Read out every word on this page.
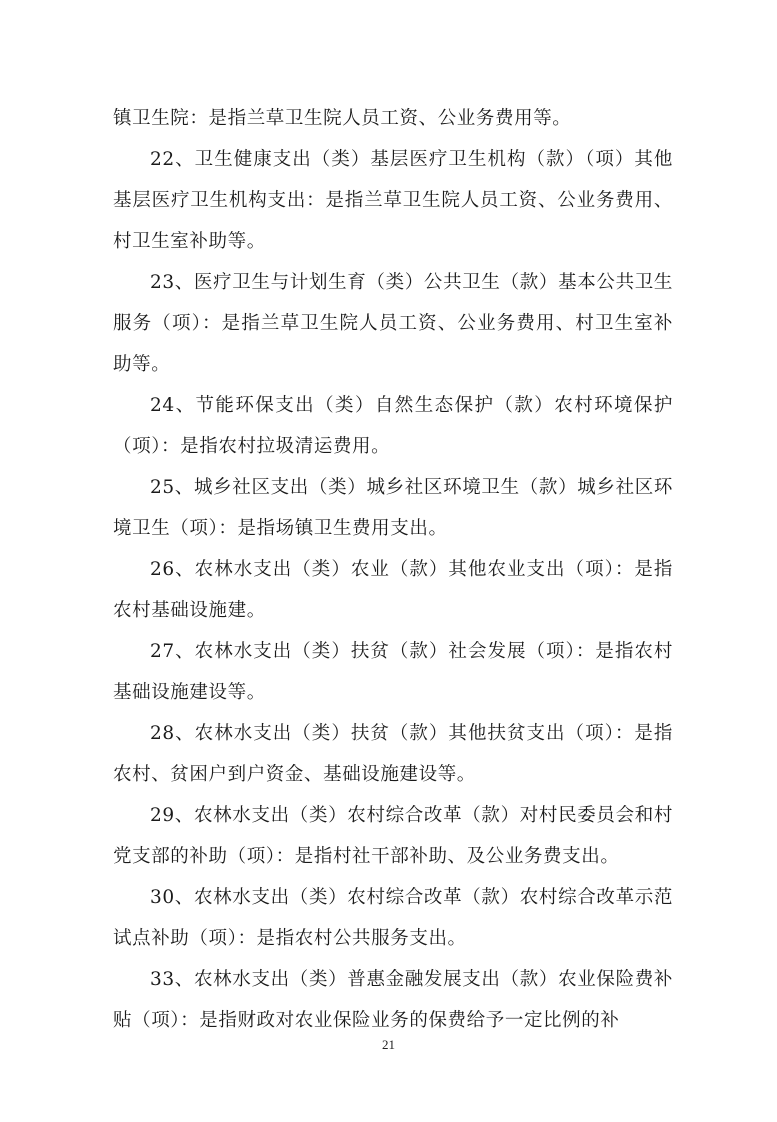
镇卫生院：是指兰草卫生院人员工资、公业务费用等。

22、卫生健康支出（类）基层医疗卫生机构（款）（项）其他基层医疗卫生机构支出：是指兰草卫生院人员工资、公业务费用、村卫生室补助等。

23、医疗卫生与计划生育（类）公共卫生（款）基本公共卫生服务（项）：是指兰草卫生院人员工资、公业务费用、村卫生室补助等。

24、节能环保支出（类）自然生态保护（款）农村环境保护（项）：是指农村拉圾清运费用。

25、城乡社区支出（类）城乡社区环境卫生（款）城乡社区环境卫生（项）：是指场镇卫生费用支出。

26、农林水支出（类）农业（款）其他农业支出（项）：是指农村基础设施建。

27、农林水支出（类）扶贫（款）社会发展（项）：是指农村基础设施建设等。

28、农林水支出（类）扶贫（款）其他扶贫支出（项）：是指农村、贫困户到户资金、基础设施建设等。

29、农林水支出（类）农村综合改革（款）对村民委员会和村党支部的补助（项）：是指村社干部补助、及公业务费支出。

30、农林水支出（类）农村综合改革（款）农村综合改革示范试点补助（项）：是指农村公共服务支出。

33、农林水支出（类）普惠金融发展支出（款）农业保险费补贴（项）：是指财政对农业保险业务的保费给予一定比例的补

21
